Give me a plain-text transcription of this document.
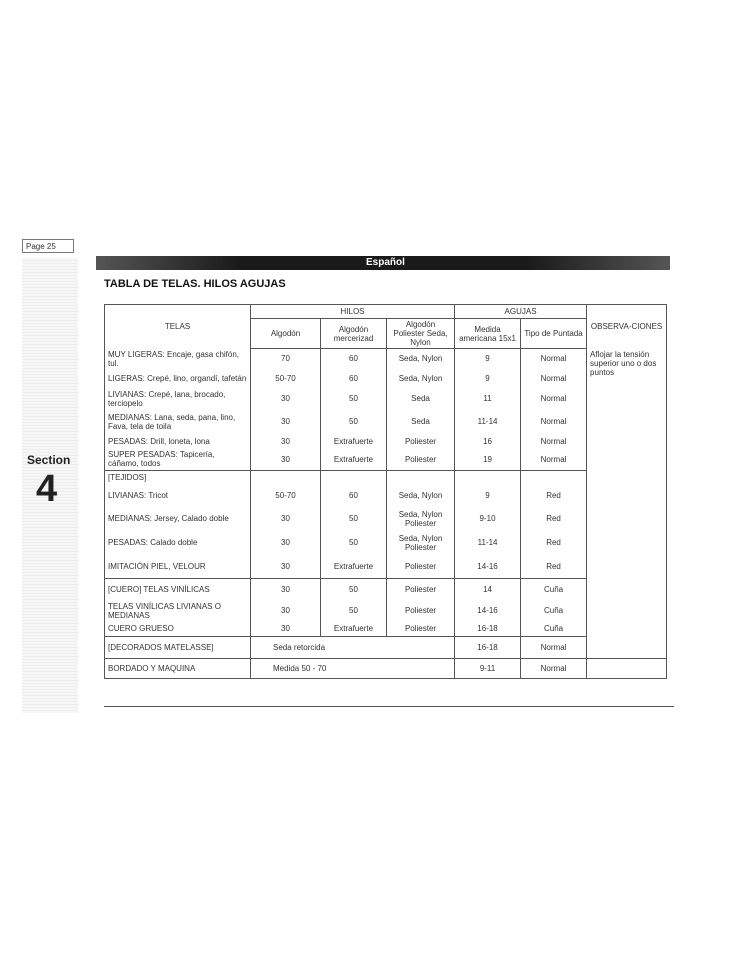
Page 25
Section
4
Español
TABLA DE TELAS. HILOS AGUJAS
TELAS	HILOS			AGUJAS		OBSERVA-CIONES
	Algodón	Algodón mercerizad	Algodón Poliester Seda, Nylon	Medida americana 15x1	Tipo de Puntada	
MUY LIGERAS: Encaje, gasa chifón, tul.	70	60	Seda, Nylon	9	Normal	Aflojar la tensión superior uno o dos puntos
LIGERAS: Crepé, lino, organdí, tafetán	50-70	60	Seda, Nylon	9	Normal	
LIVIANAS: Crepé, lana, brocado, terciopelo	30	50	Seda	11	Normal	
MEDIANAS: Lana, seda, pana, lino, Fava, tela de toila	30	50	Seda	11-14	Normal	
PESADAS: Drill, loneta, lona	30	Extrafuerte	Poliester	16	Normal	
SUPER PESADAS: Tapicería, cáñamo, todos	30	Extrafuerte	Poliester	19	Normal	
[TEJIDOS]						
LIVIANAS: Tricot	50-70	60	Seda, Nylon	9	Red	
MEDIANAS: Jersey, Calado doble	30	50	Seda, Nylon Poliester	9-10	Red	
PESADAS: Calado doble	30	50	Seda, Nylon Poliester	11-14	Red	
IMITACIÓN PIEL, VELOUR	30	Extrafuerte	Poliester	14-16	Red	
[CUERO] TELAS VINÍLICAS	30	50	Poliester	14	Cuña	
TELAS VINÍLICAS LIVIANAS O MEDIANAS	30	50	Poliester	14-16	Cuña	
CUERO GRUESO	30	Extrafuerte	Poliester	16-18	Cuña	
[DECORADOS MATELASSE]	Seda retorcida			16-18	Normal	
BORDADO Y MAQUINA	Medida 50 - 70			9-11	Normal	
